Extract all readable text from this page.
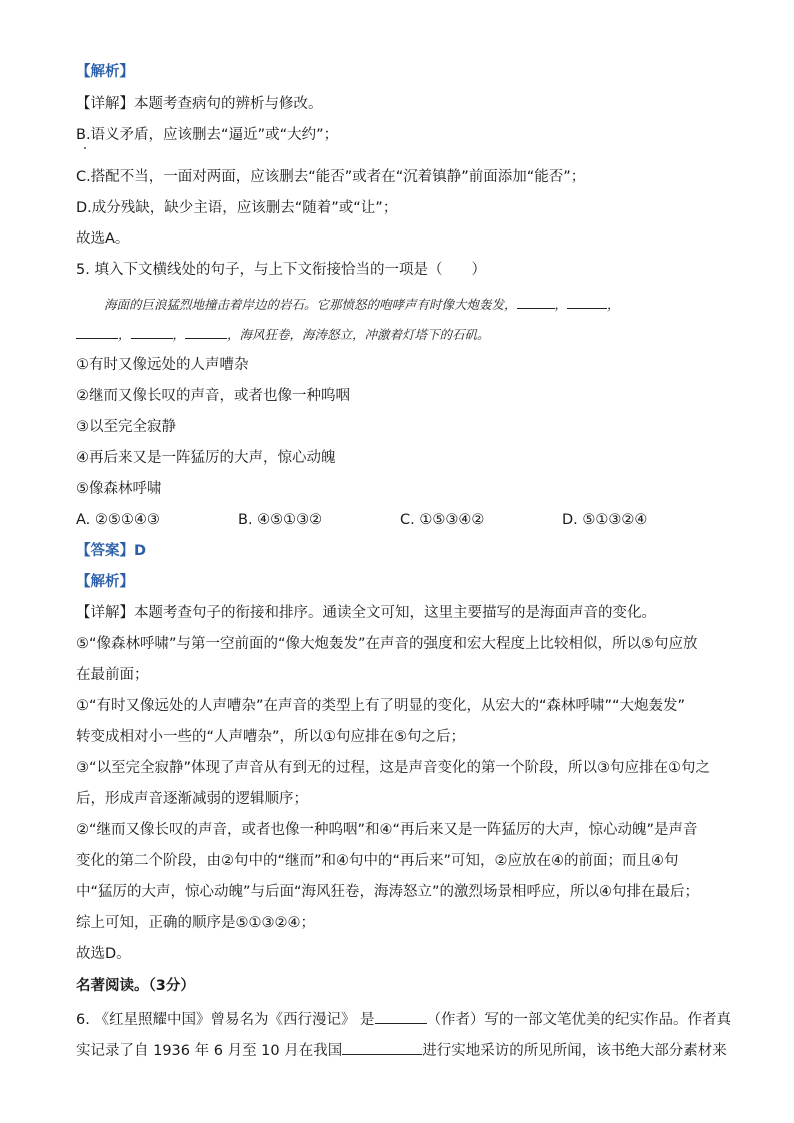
【解析】
【详解】本题考查病句的辨析与修改。
B.语义矛盾，应该删去“逼近”或“大约”；
C.搭配不当，一面对两面，应该删去“能否”或者在“沉着镇静”前面添加“能否”；
D.成分残缺，缺少主语，应该删去“随着”或“让”；
故选A。
5. 填入下文横线处的句子，与上下文衔接恰当的一项是（　　）
海面的巨浪猛烈地撞击着岸边的岩石。它那愤怒的咆哮声有时像大炮轰发，	，	，
，	，	，海风狂卷，海涛怒立，冲激着灯塔下的石矶。
①有时又像远处的人声嘈杂
②继而又像长叹的声音，或者也像一种呜咽
③以至完全寂静
④再后来又是一阵猛厉的大声，惊心动魄
⑤像森林呼啸
A. ②⑤①④③	B. ④⑤①③②	C. ①⑤③④②	D. ⑤①③②④
【答案】D
【解析】
【详解】本题考查句子的衔接和排序。通读全文可知，这里主要描写的是海面声音的变化。
⑤“像森林呼啸”与第一空前面的“像大炮轰发”在声音的强度和宏大程度上比较相似，所以⑤句应放
在最前面；
①“有时又像远处的人声嘈杂”在声音的类型上有了明显的变化，从宏大的“森林呼啸”“大炮轰发”
转变成相对小一些的“人声嘈杂”，所以①句应排在⑤句之后；
③“以至完全寂静”体现了声音从有到无的过程，这是声音变化的第一个阶段，所以③句应排在①句之
后，形成声音逐渐减弱的逻辑顺序；
②“继而又像长叹的声音，或者也像一种呜咽”和④“再后来又是一阵猛厉的大声，惊心动魄”是声音
变化的第二个阶段，由②句中的“继而”和④句中的“再后来”可知，②应放在④的前面；而且④句
中“猛厉的大声，惊心动魄”与后面“海风狂卷，海涛怒立”的激烈场景相呼应，所以④句排在最后；
综上可知，正确的顺序是⑤①③②④；
故选D。
名著阅读。（3分）
6. 《红星照耀中国》曾易名为《西行漫记》 是	（作者）写的一部文笔优美的纪实作品。作者真
实记录了自 1936 年 6 月至 10 月在我国	进行实地采访的所见所闻，该书绝大部分素材来
